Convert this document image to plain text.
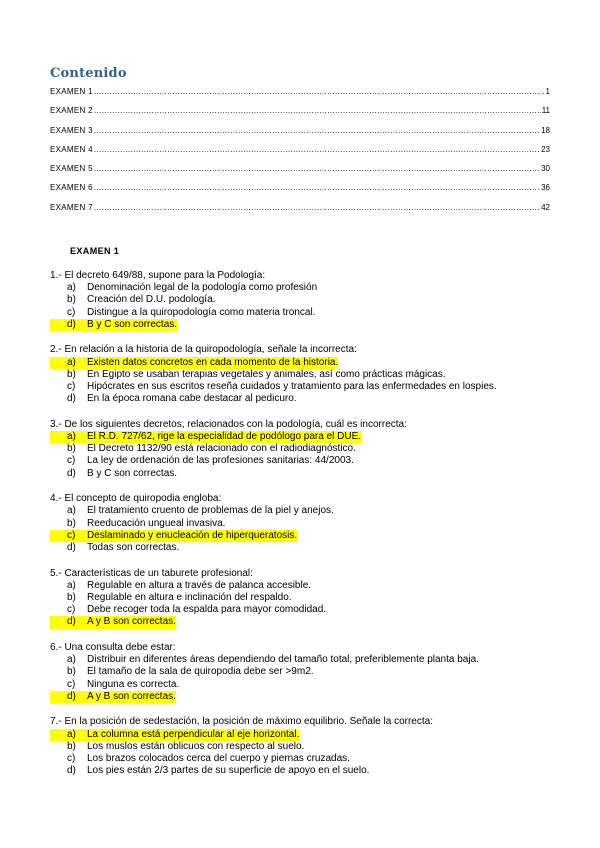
Contenido
EXAMEN 1 .....	1
EXAMEN 2 .....	11
EXAMEN 3 .....	18
EXAMEN 4 .....	23
EXAMEN 5 .....	30
EXAMEN 6 .....	36
EXAMEN 7 .....	42
EXAMEN 1
1.- El decreto 649/88, supone para la Podología:
a)	Denominación legal de la podología como profesión
b)	Creación del D.U. podología.
c)	Distingue a la quiropodología como materia troncal.
d)	B y C son correctas.
2.- En relación a la historia de la quiropodología, señale la incorrecta:
a)	Existen datos concretos en cada momento de la historia.
b)	En Egipto se usaban terapias vegetales y animales, así como prácticas mágicas.
c)	Hipócrates en sus escritos reseña cuidados y tratamiento para las enfermedades en lospies.
d)	En la época romana cabe destacar al pedicuro.
3.- De los siguientes decretos, relacionados con la podología, cuál es incorrecta:
a)	El R.D. 727/62, rige la especialidad de podólogo para el DUE.
b)	El Decreto 1132/90 está relacionado con el radiodiagnóstico.
c)	La ley de ordenación de las profesiones sanitarias: 44/2003.
d)	B y C son correctas.
4.- El concepto de quiropodia engloba:
a)	El tratamiento cruento de problemas de la piel y anejos.
b)	Reeducación ungueal invasiva.
c)	Deslaminado y enucleación de hiperqueratosis.
d)	Todas son correctas.
5.- Características de un taburete profesional:
a)	Regulable en altura a través de palanca accesible.
b)	Regulable en altura e inclinación del respaldo.
c)	Debe recoger toda la espalda para mayor comodidad.
d)	A y B son correctas.
6.- Una consulta debe estar:
a)	Distribuir en diferentes áreas dependiendo del tamaño total, preferiblemente planta baja.
b)	El tamaño de la sala de quiropodia debe ser >9m2.
c)	Ninguna es correcta.
d)	A y B son correctas.
7.- En la posición de sedestación, la posición de máximo equilibrio. Señale la correcta:
a)	La columna está perpendicular al eje horizontal.
b)	Los muslos están oblicuos con respecto al suelo.
c)	Los brazos colocados cerca del cuerpo y piernas cruzadas.
d)	Los pies están 2/3 partes de su superficie de apoyo en el suelo.
